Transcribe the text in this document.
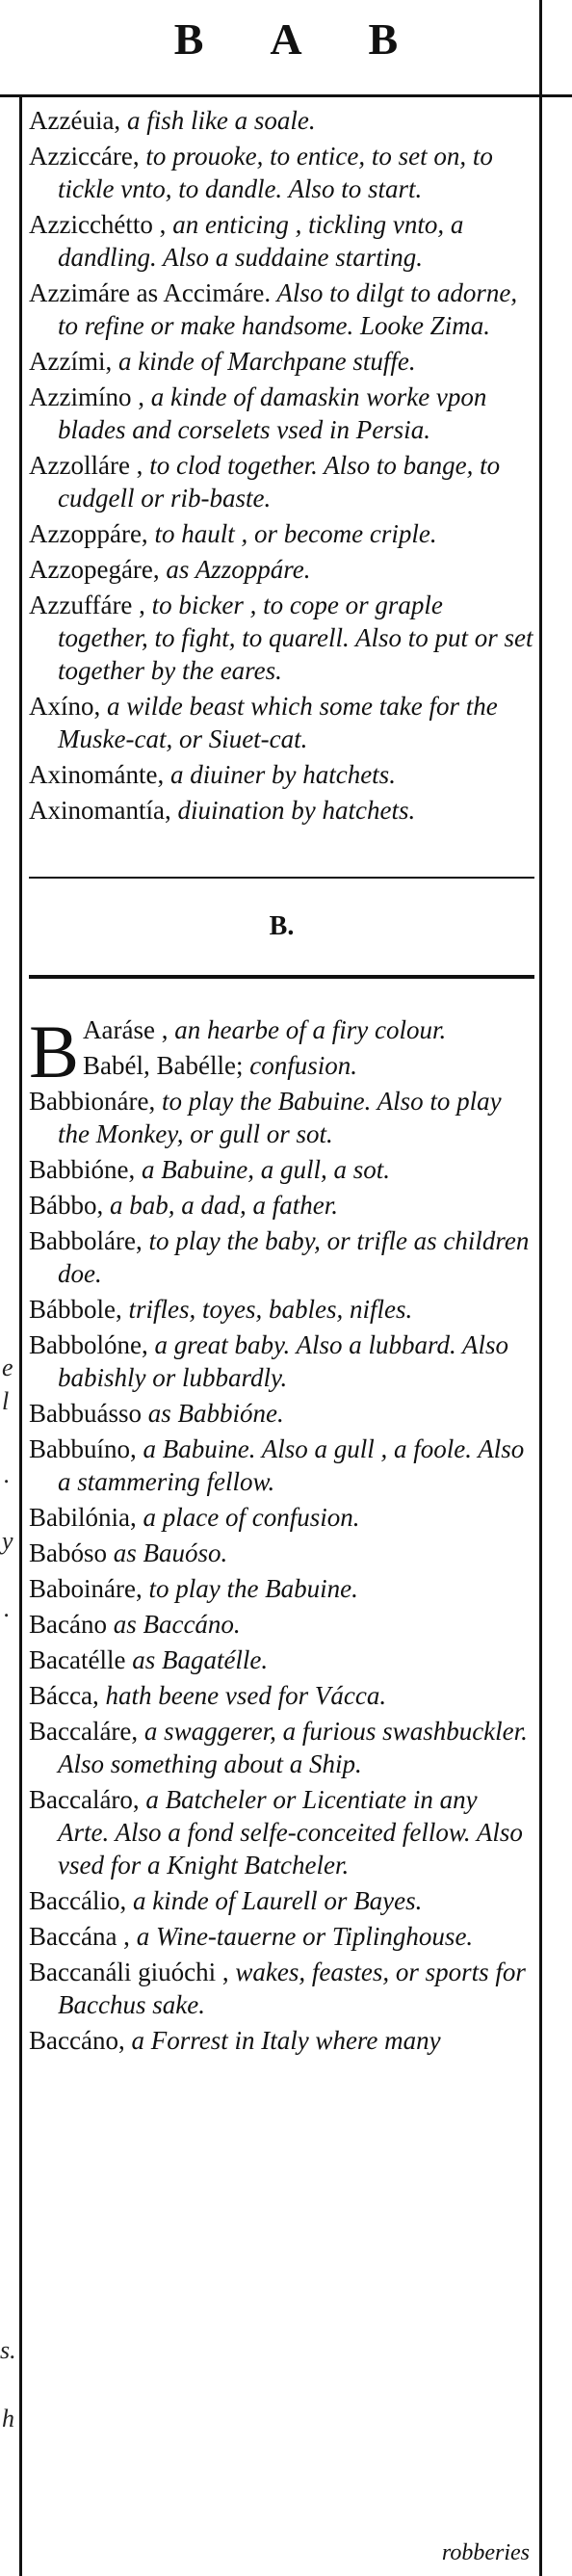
B A B
e
l
.
y
.
s.
h

Azzéuia, a fish like a soale.

Azziccáre, to prouoke, to entice, to set on, to tickle vnto, to dandle. Also to start.

Azzicchétto , an enticing , tickling vnto, a dandling. Also a suddaine starting.

Azzimáre as Accimáre. Also to dilgt to adorne, to refine or make handsome. Looke Zima.

Azzími, a kinde of Marchpane stuffe.

Azzimíno , a kinde of damaskin worke vpon blades and corselets vsed in Persia.

Azzolláre , to clod together. Also to bange, to cudgell or rib-baste.

Azzoppáre, to hault , or become criple.

Azzopegáre, as Azzoppáre.

Azzuffáre , to bicker , to cope or graple together, to fight, to quarell. Also to put or set together by the eares.

Axíno, a wilde beast which some take for the Muske-cat, or Siuet-cat.

Axinománte, a diuiner by hatchets.

Axinomantía, diuination by hatchets.

B.
B Aaráse , an hearbe of a firy colour.

Babél, Babélle; confusion.

Babbionáre, to play the Babuine. Also to play the Monkey, or gull or sot.

Babbióne, a Babuine, a gull, a sot.

Bábbo, a bab, a dad, a father.

Babboláre, to play the baby, or trifle as children doe.

Bábbole, trifles, toyes, bables, nifles.

Babbolóne, a great baby. Also a lubbard. Also babishly or lubbardly.

Babbuásso as Babbióne.

Babbuíno, a Babuine. Also a gull , a foole. Also a stammering fellow.

Babilónia, a place of confusion.

Babóso as Bauóso.

Baboináre, to play the Babuine.

Bacáno as Baccáno.

Bacatélle as Bagatélle.

Bácca, hath beene vsed for Vácca.

Baccaláre, a swaggerer, a furious swashbuckler. Also something about a Ship.

Baccaláro, a Batcheler or Licentiate in any Arte. Also a fond selfe-conceited fellow. Also vsed for a Knight Batcheler.

Baccálio, a kinde of Laurell or Bayes.

Baccána , a Wine-tauerne or Tiplinghouse.

Baccanáli giuóchi , wakes, feastes, or sports for Bacchus sake.

Baccáno, a Forrest in Italy where many

robberies
